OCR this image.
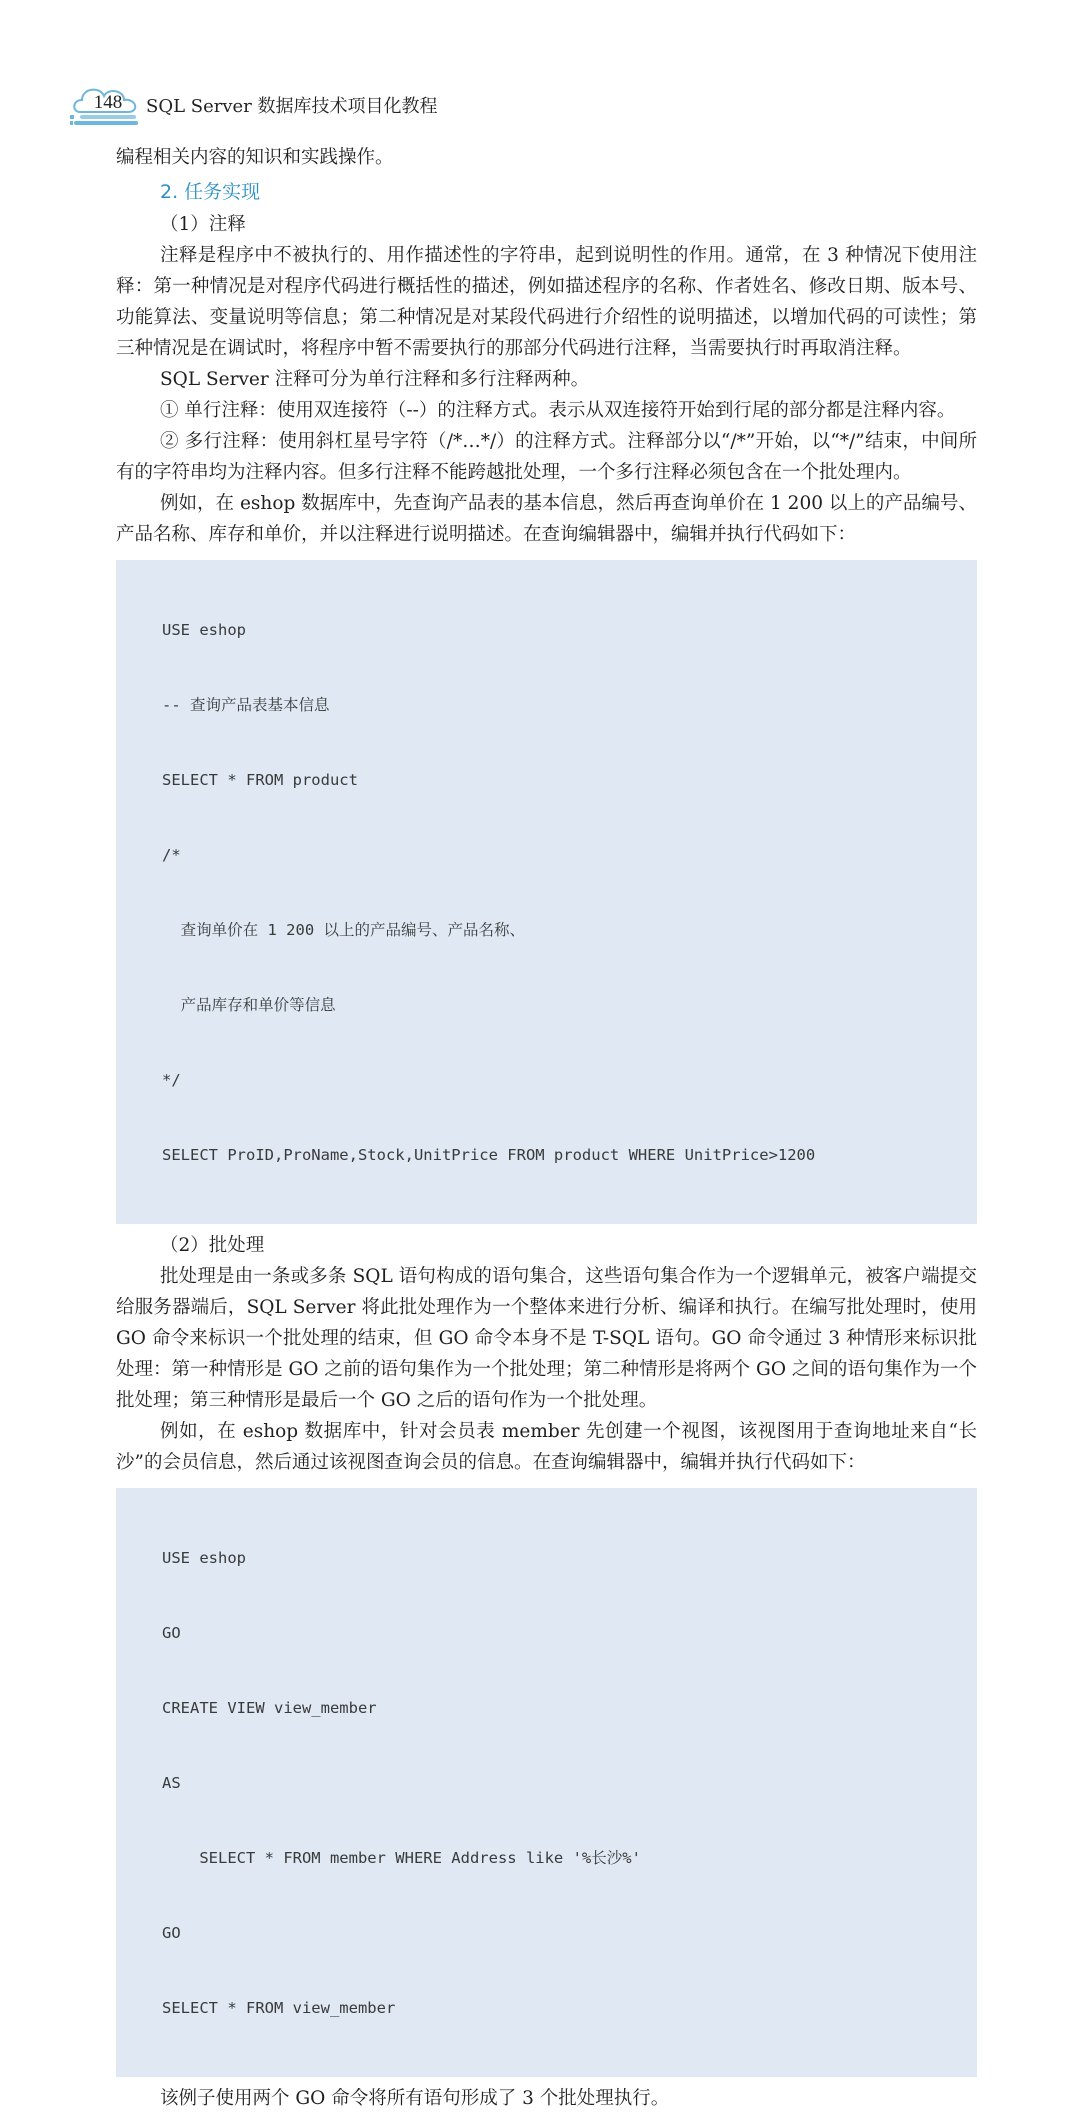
148	SQL Server 数据库技术项目化教程

编程相关内容的知识和实践操作。

2. 任务实现
（1）注释

注释是程序中不被执行的、用作描述性的字符串，起到说明性的作用。通常，在 3 种情况下使用注释：第一种情况是对程序代码进行概括性的描述，例如描述程序的名称、作者姓名、修改日期、版本号、功能算法、变量说明等信息；第二种情况是对某段代码进行介绍性的说明描述，以增加代码的可读性；第三种情况是在调试时，将程序中暂不需要执行的那部分代码进行注释，当需要执行时再取消注释。

SQL Server 注释可分为单行注释和多行注释两种。

① 单行注释：使用双连接符（--）的注释方式。表示从双连接符开始到行尾的部分都是注释内容。

② 多行注释：使用斜杠星号字符（/*…*/）的注释方式。注释部分以“/*”开始，以“*/”结束，中间所有的字符串均为注释内容。但多行注释不能跨越批处理，一个多行注释必须包含在一个批处理内。

例如，在 eshop 数据库中，先查询产品表的基本信息，然后再查询单价在 1 200 以上的产品编号、产品名称、库存和单价，并以注释进行说明描述。在查询编辑器中，编辑并执行代码如下：

USE eshop

-- 查询产品表基本信息

SELECT * FROM product

/*

查询单价在 1 200 以上的产品编号、产品名称、

产品库存和单价等信息

*/

SELECT ProID,ProName,Stock,UnitPrice FROM product WHERE UnitPrice>1200

（2）批处理

批处理是由一条或多条 SQL 语句构成的语句集合，这些语句集合作为一个逻辑单元，被客户端提交给服务器端后，SQL Server 将此批处理作为一个整体来进行分析、编译和执行。在编写批处理时，使用 GO 命令来标识一个批处理的结束，但 GO 命令本身不是 T-SQL 语句。GO 命令通过 3 种情形来标识批处理：第一种情形是 GO 之前的语句集作为一个批处理；第二种情形是将两个 GO 之间的语句集作为一个批处理；第三种情形是最后一个 GO 之后的语句作为一个批处理。

例如，在 eshop 数据库中，针对会员表 member 先创建一个视图，该视图用于查询地址来自“长沙”的会员信息，然后通过该视图查询会员的信息。在查询编辑器中，编辑并执行代码如下：

USE eshop

GO

CREATE VIEW view_member

AS

SELECT * FROM member WHERE Address like '%长沙%'

GO

SELECT * FROM view_member

该例子使用两个 GO 命令将所有语句形成了 3 个批处理执行。
